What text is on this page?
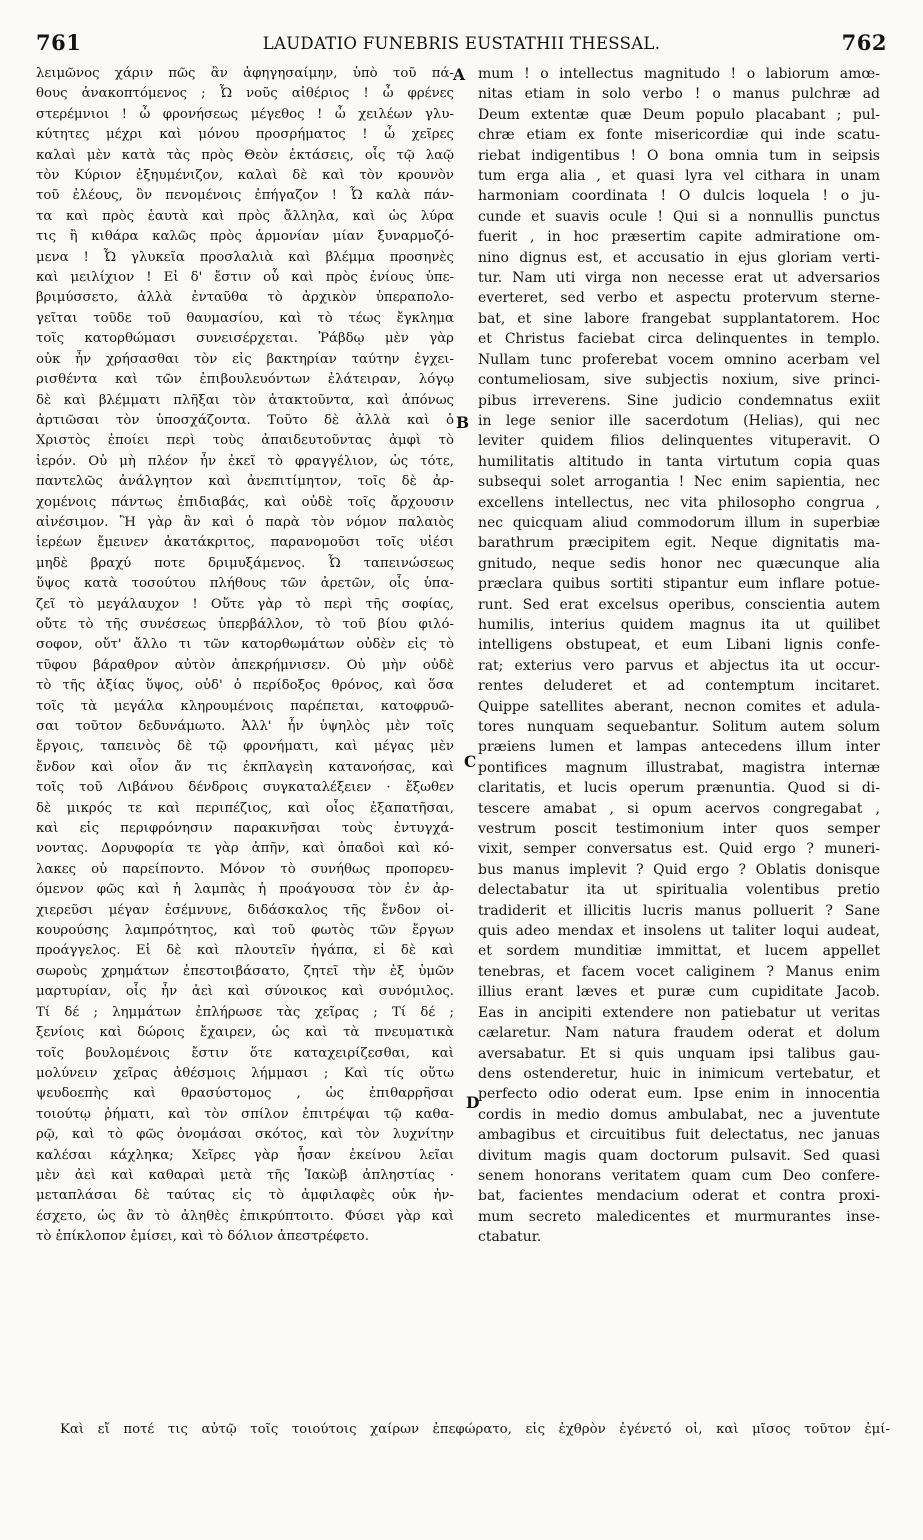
761	LAUDATIO FUNEBRIS EUSTATHII THESSAL.	762
λειμῶνος χάριν πῶς ἂν ἀφηγησαίμην, ὑπὸ τοῦ πά-
θους ἀνακοπτόμενος ; Ὦ νοῦς αἰθέριος ! ὦ φρένες
στερέμνιοι ! ὦ φρονήσεως μέγεθος ! ὦ χειλέων γλυ-
κύτητες μέχρι καὶ μόνου προσρήματος ! ὦ χεῖρες
καλαὶ μὲν κατὰ τὰς πρὸς Θεὸν ἐκτάσεις, οἷς τῷ λαῷ
τὸν Κύριον ἐξηυμένιζον, καλαὶ δὲ καὶ τὸν κρουνὸν
τοῦ ἐλέους, ὃν πενομένοις ἐπήγαζον ! Ὦ καλὰ πάν-
τα καὶ πρὸς ἑαυτὰ καὶ πρὸς ἄλληλα, καὶ ὡς λύρα
τις ἢ κιθάρα καλῶς πρὸς ἁρμονίαν μίαν ξυναρμοζό-
μενα ! Ὦ γλυκεῖα προσλαλιὰ καὶ βλέμμα προσηνὲς
καὶ μειλίχιον ! Εἰ δ' ἔστιν οὗ καὶ πρὸς ἐνίους ὑπε-
βριμύσσετο, ἀλλὰ ἐνταῦθα τὸ ἀρχικὸν ὑπεραπολο-
γεῖται τοῦδε τοῦ θαυμασίου, καὶ τὸ τέως ἔγκλημα
τοῖς κατορθώμασι συνεισέρχεται. Ῥάβδῳ μὲν γὰρ
οὐκ ἦν χρήσασθαι τὸν εἰς βακτηρίαν ταύτην ἐγχει-
ρισθέντα καὶ τῶν ἐπιβουλευόντων ἐλάτειραν, λόγῳ
δὲ καὶ βλέμματι πλῆξαι τὸν ἀτακτοῦντα, καὶ ἀπόνως
ἀρτιῶσαι τὸν ὑποσχάζοντα. Τοῦτο δὲ ἀλλὰ καὶ ὁ
Χριστὸς ἐποίει περὶ τοὺς ἀπαιδευτοῦντας ἀμφὶ τὸ
ἱερόν. Οὐ μὴ πλέον ἦν ἐκεῖ τὸ φραγγέλιον, ὡς τότε,
παντελῶς ἀνάλγητον καὶ ἀνεπιτίμητον, τοῖς δὲ ἀρ-
χομένοις πάντως ἐπιδιαβάς, καὶ οὐδὲ τοῖς ἄρχουσιν
αἰνέσιμον. Ἢ γὰρ ἂν καὶ ὁ παρὰ τὸν νόμον παλαιὸς
ἱερέων ἔμεινεν ἀκατάκριτος, παρανομοῦσι τοῖς υἱέσι
μηδὲ βραχύ ποτε δριμυξάμενος. Ὦ ταπεινώσεως
ὕψος κατὰ τοσούτου πλήθους τῶν ἀρετῶν, οἷς ὑπα-
ζεῖ τὸ μεγάλαυχον ! Οὔτε γὰρ τὸ περὶ τῆς σοφίας,
οὔτε τὸ τῆς συνέσεως ὑπερβάλλον, τὸ τοῦ βίου φιλό-
σοφον, οὔτ' ἄλλο τι τῶν κατορθωμάτων οὐδὲν εἰς τὸ
τῦφου βάραθρον αὐτὸν ἀπεκρήμνισεν. Οὐ μὴν οὐδὲ
τὸ τῆς ἀξίας ὕψος, οὐδ' ὁ περίδοξος θρόνος, καὶ ὅσα
τοῖς τὰ μεγάλα κληρουμένοις παρέπεται, κατοφρυῶ-
σαι τοῦτον δεδυνάμωτο. Ἀλλ' ἦν ὑψηλὸς μὲν τοῖς
ἔργοις, ταπεινὸς δὲ τῷ φρονήματι, καὶ μέγας μὲν
ἔνδον καὶ οἷον ἄν τις ἐκπλαγεὶη κατανοήσας, καὶ
τοῖς τοῦ Λιβάνου δένδροις συγκαταλέξειεν · ἔξωθεν
δὲ μικρός τε καὶ περιπέζιος, καὶ οἷος ἐξαπατῆσαι,
καὶ εἰς περιφρόνησιν παρακινῆσαι τοὺς ἐντυγχά-
νοντας. Δορυφορία τε γὰρ ἀπῆν, καὶ ὀπαδοὶ καὶ κό-
λακες οὐ παρείποντο. Μόνον τὸ συνήθως προπορευ-
όμενον φῶς καὶ ἡ λαμπὰς ἡ προάγουσα τὸν ἐν ἀρ-
χιερεῦσι μέγαν ἐσέμνυνε, διδάσκαλος τῆς ἔνδον οἰ-
κουρούσης λαμπρότητος, καὶ τοῦ φωτὸς τῶν ἔργων
προάγγελος. Εἰ δὲ καὶ πλουτεῖν ἠγάπα, εἰ δὲ καὶ
σωροὺς χρημάτων ἐπεστοιβάσατο, ζητεῖ τὴν ἐξ ὑμῶν
μαρτυρίαν, οἷς ἦν ἀεὶ καὶ σύνοικος καὶ συνόμιλος.
Τί δέ ; λημμάτων ἐπλήρωσε τὰς χεῖρας ; Τί δέ ;
ξενίοις καὶ δώροις ἔχαιρεν, ὡς καὶ τὰ πνευματικὰ
τοῖς βουλομένοις ἔστιν ὅτε καταχειρίζεσθαι, καὶ
μολύνειν χεῖρας ἀθέσμοις λήμμασι ; Καὶ τίς οὕτω
ψευδοεπὴς καὶ θρασύστομος , ὡς ἐπιθαρρῆσαι
τοιούτῳ ῥήματι, καὶ τὸν σπίλον ἐπιτρέψαι τῷ καθα-
ρῷ, καὶ τὸ φῶς ὀνομάσαι σκότος, καὶ τὸν λυχνίτην
καλέσαι κάχληκα; Χεῖρες γὰρ ἦσαν ἐκείνου λεῖαι
μὲν ἀεὶ καὶ καθαραὶ μετὰ τῆς Ἰακὼβ ἀπληστίας ·
μεταπλάσαι δὲ ταύτας εἰς τὸ ἀμφιλαφὲς οὐκ ἠν-
έσχετο, ὡς ἂν τὸ ἀληθὲς ἐπικρύπτοιτο. Φύσει γὰρ καὶ
τὸ ἐπίκλοπον ἐμίσει, καὶ τὸ δόλιον ἀπεστρέφετο.
mum ! o intellectus magnitudo ! o labiorum amœ-
nitas etiam in solo verbo ! o manus pulchræ ad
Deum extentæ quæ Deum populo placabant ; pul-
chræ etiam ex fonte misericordiæ qui inde scatu-
riebat indigentibus ! O bona omnia tum in seipsis
tum erga alia , et quasi lyra vel cithara in unam
harmoniam coordinata ! O dulcis loquela ! o ju-
cunde et suavis ocule ! Qui si a nonnullis punctus
fuerit , in hoc præsertim capite admiratione om-
nino dignus est, et accusatio in ejus gloriam verti-
tur. Nam uti virga non necesse erat ut adversarios
everteret, sed verbo et aspectu protervum sterne-
bat, et sine labore frangebat supplantatorem. Hoc
et Christus faciebat circa delinquentes in templo.
Nullam tunc proferebat vocem omnino acerbam vel
contumeliosam, sive subjectis noxium, sive princi-
pibus irreverens. Sine judicio condemnatus exiit
in lege senior ille sacerdotum (Helias), qui nec
leviter quidem filios delinquentes vituperavit. O
humilitatis altitudo in tanta virtutum copia quas
subsequi solet arrogantia ! Nec enim sapientia, nec
excellens intellectus, nec vita philosopho congrua ,
nec quicquam aliud commodorum illum in superbiæ
barathrum præcipitem egit. Neque dignitatis ma-
gnitudo, neque sedis honor nec quæcunque alia
præclara quibus sortiti stipantur eum inflare potue-
runt. Sed erat excelsus operibus, conscientia autem
humilis, interius quidem magnus ita ut quilibet
intelligens obstupeat, et eum Libani lignis confe-
rat; exterius vero parvus et abjectus ita ut occur-
rentes deluderet et ad contemptum incitaret.
Quippe satellites aberant, necnon comites et adula-
tores nunquam sequebantur. Solitum autem solum
præiens lumen et lampas antecedens illum inter
pontifices magnum illustrabat, magistra internæ
claritatis, et lucis operum prænuntia. Quod si di-
tescere amabat , si opum acervos congregabat ,
vestrum poscit testimonium inter quos semper
vixit, semper conversatus est. Quid ergo ? muneri-
bus manus implevit ? Quid ergo ? Oblatis donisque
delectabatur ita ut spiritualia volentibus pretio
tradiderit et illicitis lucris manus polluerit ? Sane
quis adeo mendax et insolens ut taliter loqui audeat,
et sordem munditiæ immittat, et lucem appellet
tenebras, et facem vocet caliginem ? Manus enim
illius erant læves et puræ cum cupiditate Jacob.
Eas in ancipiti extendere non patiebatur ut veritas
cælaretur. Nam natura fraudem oderat et dolum
aversabatur. Et si quis unquam ipsi talibus gau-
dens ostenderetur, huic in inimicum vertebatur, et
perfecto odio oderat eum. Ipse enim in innocentia
cordis in medio domus ambulabat, nec a juventute
ambagibus et circuitibus fuit delectatus, nec januas
divitum magis quam doctorum pulsavit. Sed quasi
senem honorans veritatem quam cum Deo confere-
bat, facientes mendacium oderat et contra proxi-
mum secreto maledicentes et murmurantes inse-
ctabatur.
A
B
C
D
Καὶ εἴ ποτέ τις αὐτῷ τοῖς τοιούτοις χαίρων ἐπεφώρατο, εἰς ἐχθρὸν ἐγένετό οἱ, καὶ μῖσος τοῦτον ἐμί-
